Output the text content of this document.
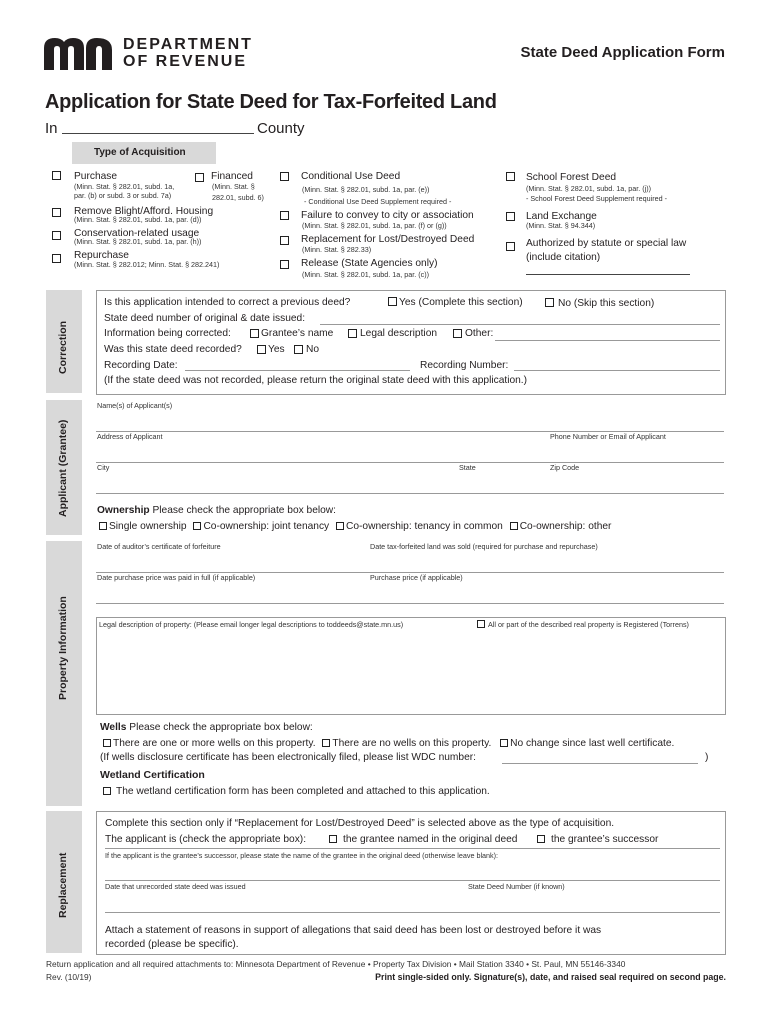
DEPARTMENT
OF REVENUE
State Deed Application Form
Application for State Deed for Tax-Forfeited Land
In	County
Type of Acquisition
Purchase
(Minn. Stat. § 282.01, subd. 1a,
par. (b) or subd. 3 or subd. 7a)
Financed
(Minn. Stat. §
282.01, subd. 6)
Remove Blight/Afford. Housing
(Minn. Stat. § 282.01, subd. 1a, par. (d))
Conservation-related usage
(Minn. Stat. § 282.01, subd. 1a, par. (h))
Repurchase
(Minn. Stat. § 282.012; Minn. Stat. § 282.241)
Conditional Use Deed
(Minn. Stat. § 282.01, subd. 1a, par. (e))
- Conditional Use Deed Supplement required -
Failure to convey to city or association
(Minn. Stat. § 282.01, subd. 1a, par. (f) or (g))
Replacement for Lost/Destroyed Deed
(Minn. Stat. § 282.33)
Release (State Agencies only)
(Minn. Stat. § 282.01, subd. 1a, par. (c))
School Forest Deed
(Minn. Stat. § 282.01, subd. 1a, par. (j))
- School Forest Deed Supplement required -
Land Exchange
(Minn. Stat. § 94.344)
Authorized by statute or special law
(include citation)
Correction
Is this application intended to correct a previous deed?	Yes (Complete this section)	No (Skip this section)
State deed number of original & date issued:
Information being corrected:	Grantee’s name	Legal description	Other:
Was this state deed recorded?	Yes No
Recording Date:	Recording Number:
(If the state deed was not recorded, please return the original state deed with this application.)
Applicant (Grantee)
Name(s) of Applicant(s)
Address of Applicant	Phone Number or Email of Applicant
City	State	Zip Code
Ownership Please check the appropriate box below:
Single ownership Co-ownership: joint tenancy Co-ownership: tenancy in common Co-ownership: other
Property Information
Date of auditor’s certificate of forfeiture	Date tax-forfeited land was sold (required for purchase and repurchase)
Date purchase price was paid in full (if applicable)	Purchase price (if applicable)
Legal description of property: (Please email longer legal descriptions to toddeeds@state.mn.us)	All or part of the described real property is Registered (Torrens)
Wells Please check the appropriate box below:
There are one or more wells on this property. There are no wells on this property. No change since last well certificate.
(If wells disclosure certificate has been electronically filed, please list WDC number:	)
Wetland Certification
The wetland certification form has been completed and attached to this application.
Replacement
Complete this section only if “Replacement for Lost/Destroyed Deed” is selected above as the type of acquisition.
The applicant is (check the appropriate box):	the grantee named in the original deed	the grantee’s successor
If the applicant is the grantee’s successor, please state the name of the grantee in the original deed (otherwise leave blank):
Date that unrecorded state deed was issued	State Deed Number (if known)
Attach a statement of reasons in support of allegations that said deed has been lost or destroyed before it was
recorded (please be specific).
Return application and all required attachments to: Minnesota Department of Revenue • Property Tax Division • Mail Station 3340 • St. Paul, MN 55146-3340
Rev. (10/19)	Print single-sided only. Signature(s), date, and raised seal required on second page.
